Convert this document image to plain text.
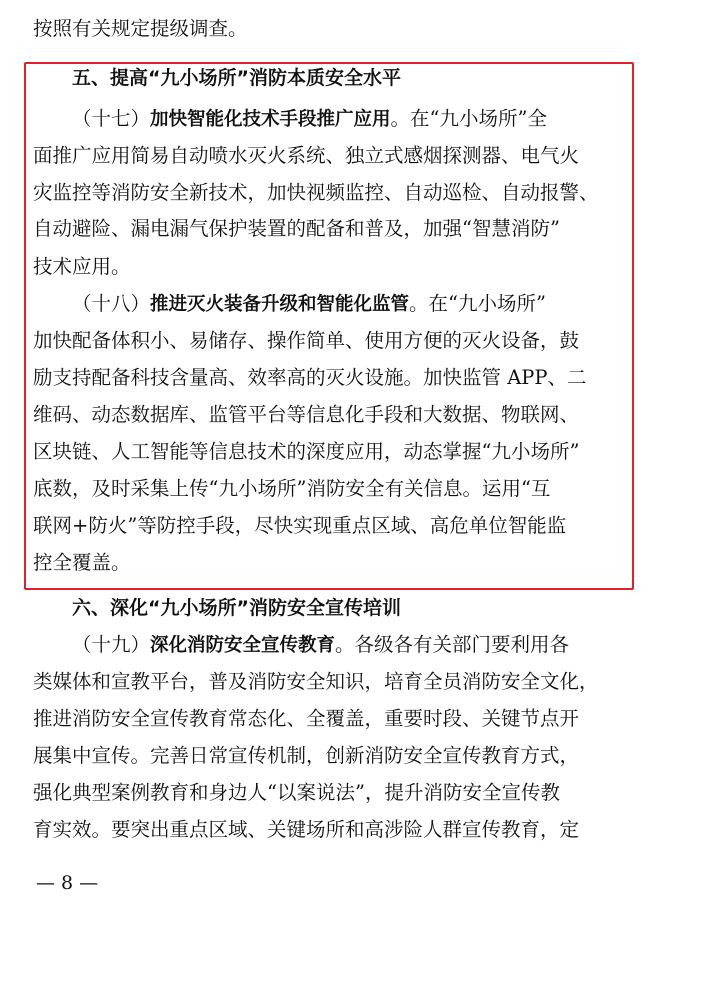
按照有关规定提级调查。
五、提高“九小场所”消防本质安全水平
（十七）加快智能化技术手段推广应用。在“九小场所”全
面推广应用简易自动喷水灭火系统、独立式感烟探测器、电气火
灾监控等消防安全新技术，加快视频监控、自动巡检、自动报警、
自动避险、漏电漏气保护装置的配备和普及，加强“智慧消防”
技术应用。
（十八）推进灭火装备升级和智能化监管。在“九小场所”
加快配备体积小、易储存、操作简单、使用方便的灭火设备，鼓
励支持配备科技含量高、效率高的灭火设施。加快监管 APP、二
维码、动态数据库、监管平台等信息化手段和大数据、物联网、
区块链、人工智能等信息技术的深度应用，动态掌握“九小场所”
底数，及时采集上传“九小场所”消防安全有关信息。运用“互
联网+防火”等防控手段，尽快实现重点区域、高危单位智能监
控全覆盖。
六、深化“九小场所”消防安全宣传培训
（十九）深化消防安全宣传教育。各级各有关部门要利用各
类媒体和宣教平台，普及消防安全知识，培育全员消防安全文化，
推进消防安全宣传教育常态化、全覆盖，重要时段、关键节点开
展集中宣传。完善日常宣传机制，创新消防安全宣传教育方式，
强化典型案例教育和身边人“以案说法”，提升消防安全宣传教
育实效。要突出重点区域、关键场所和高涉险人群宣传教育，定
— 8 —
